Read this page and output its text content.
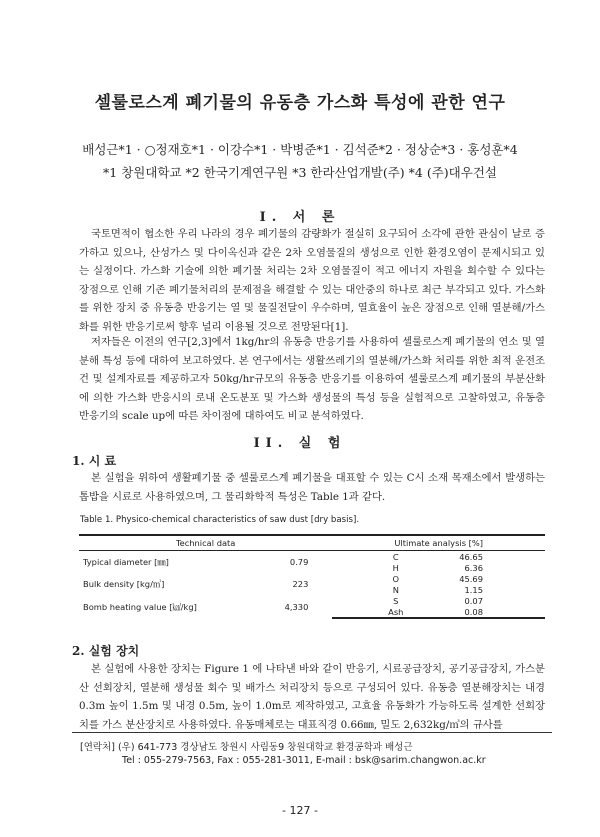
셀룰로스계 폐기물의 유동층 가스화 특성에 관한 연구
배성근*1 · ○정재호*1 · 이강수*1 · 박병준*1 · 김석준*2 · 정상순*3 · 홍성훈*4
*1 창원대학교 *2 한국기계연구원 *3 한라산업개발(주) *4 (주)대우건설
I. 서 론

국토면적이 협소한 우리 나라의 경우 폐기물의 감량화가 절실히 요구되어 소각에 관한 관심이 날로 증가하고 있으나, 산성가스 및 다이옥신과 같은 2차 오염물질의 생성으로 인한 환경오염이 문제시되고 있는 실정이다. 가스화 기술에 의한 폐기물 처리는 2차 오염물질이 적고 에너지 자원을 회수할 수 있다는 장점으로 인해 기존 폐기물처리의 문제점을 해결할 수 있는 대안중의 하나로 최근 부각되고 있다. 가스화를 위한 장치 중 유동층 반응기는 열 및 물질전달이 우수하며, 열효율이 높은 장점으로 인해 열분해/가스화를 위한 반응기로써 향후 널리 이용될 것으로 전망된다[1].

저자들은 이전의 연구[2,3]에서 1kg/hr의 유동층 반응기를 사용하여 셀룰로스계 폐기물의 연소 및 열분해 특성 등에 대하여 보고하였다. 본 연구에서는 생활쓰레기의 열분해/가스화 처리를 위한 최적 운전조건 및 설계자료를 제공하고자 50kg/hr규모의 유동층 반응기를 이용하여 셀룰로스계 폐기물의 부분산화에 의한 가스화 반응시의 로내 온도분포 및 가스화 생성물의 특성 등을 실험적으로 고찰하였고, 유동층 반응기의 scale up에 따른 차이점에 대하여도 비교 분석하였다.

II. 실 험
1. 시 료

본 실험을 위하여 생활폐기물 중 셀룰로스계 폐기물을 대표할 수 있는 C시 소재 목재소에서 발생하는 톱밥을 시료로 사용하였으며, 그 물리화학적 특성은 Table 1과 같다.

Table 1. Physico-chemical characteristics of saw dust [dry basis].
Technical data		Ultimate analysis [%]	
Typical diameter [㎜]	0.79	C	46.65
		H	6.36
Bulk density [kg/㎥]	223	O	45.69
		N	1.15
Bomb heating value [㎉/kg]	4,330	S	0.07
		Ash	0.08
2. 실험 장치

본 실험에 사용한 장치는 Figure 1 에 나타낸 바와 같이 반응기, 시료공급장치, 공기공급장치, 가스분산 선회장치, 열분해 생성물 회수 및 배가스 처리장치 등으로 구성되어 있다. 유동층 열분해장치는 내경 0.3m 높이 1.5m 및 내경 0.5m, 높이 1.0m로 제작하였고, 고효율 유동화가 가능하도록 설계한 선회장치를 가스 분산장치로 사용하였다. 유동매체로는 대표직경 0.66㎜, 밀도 2,632kg/㎥의 규사를

[연락처] (우) 641-773 경상남도 창원시 사림동9 창원대학교 환경공학과 배성근
Tel : 055-279-7563, Fax : 055-281-3011, E-mail : bsk@sarim.changwon.ac.kr
- 127 -
